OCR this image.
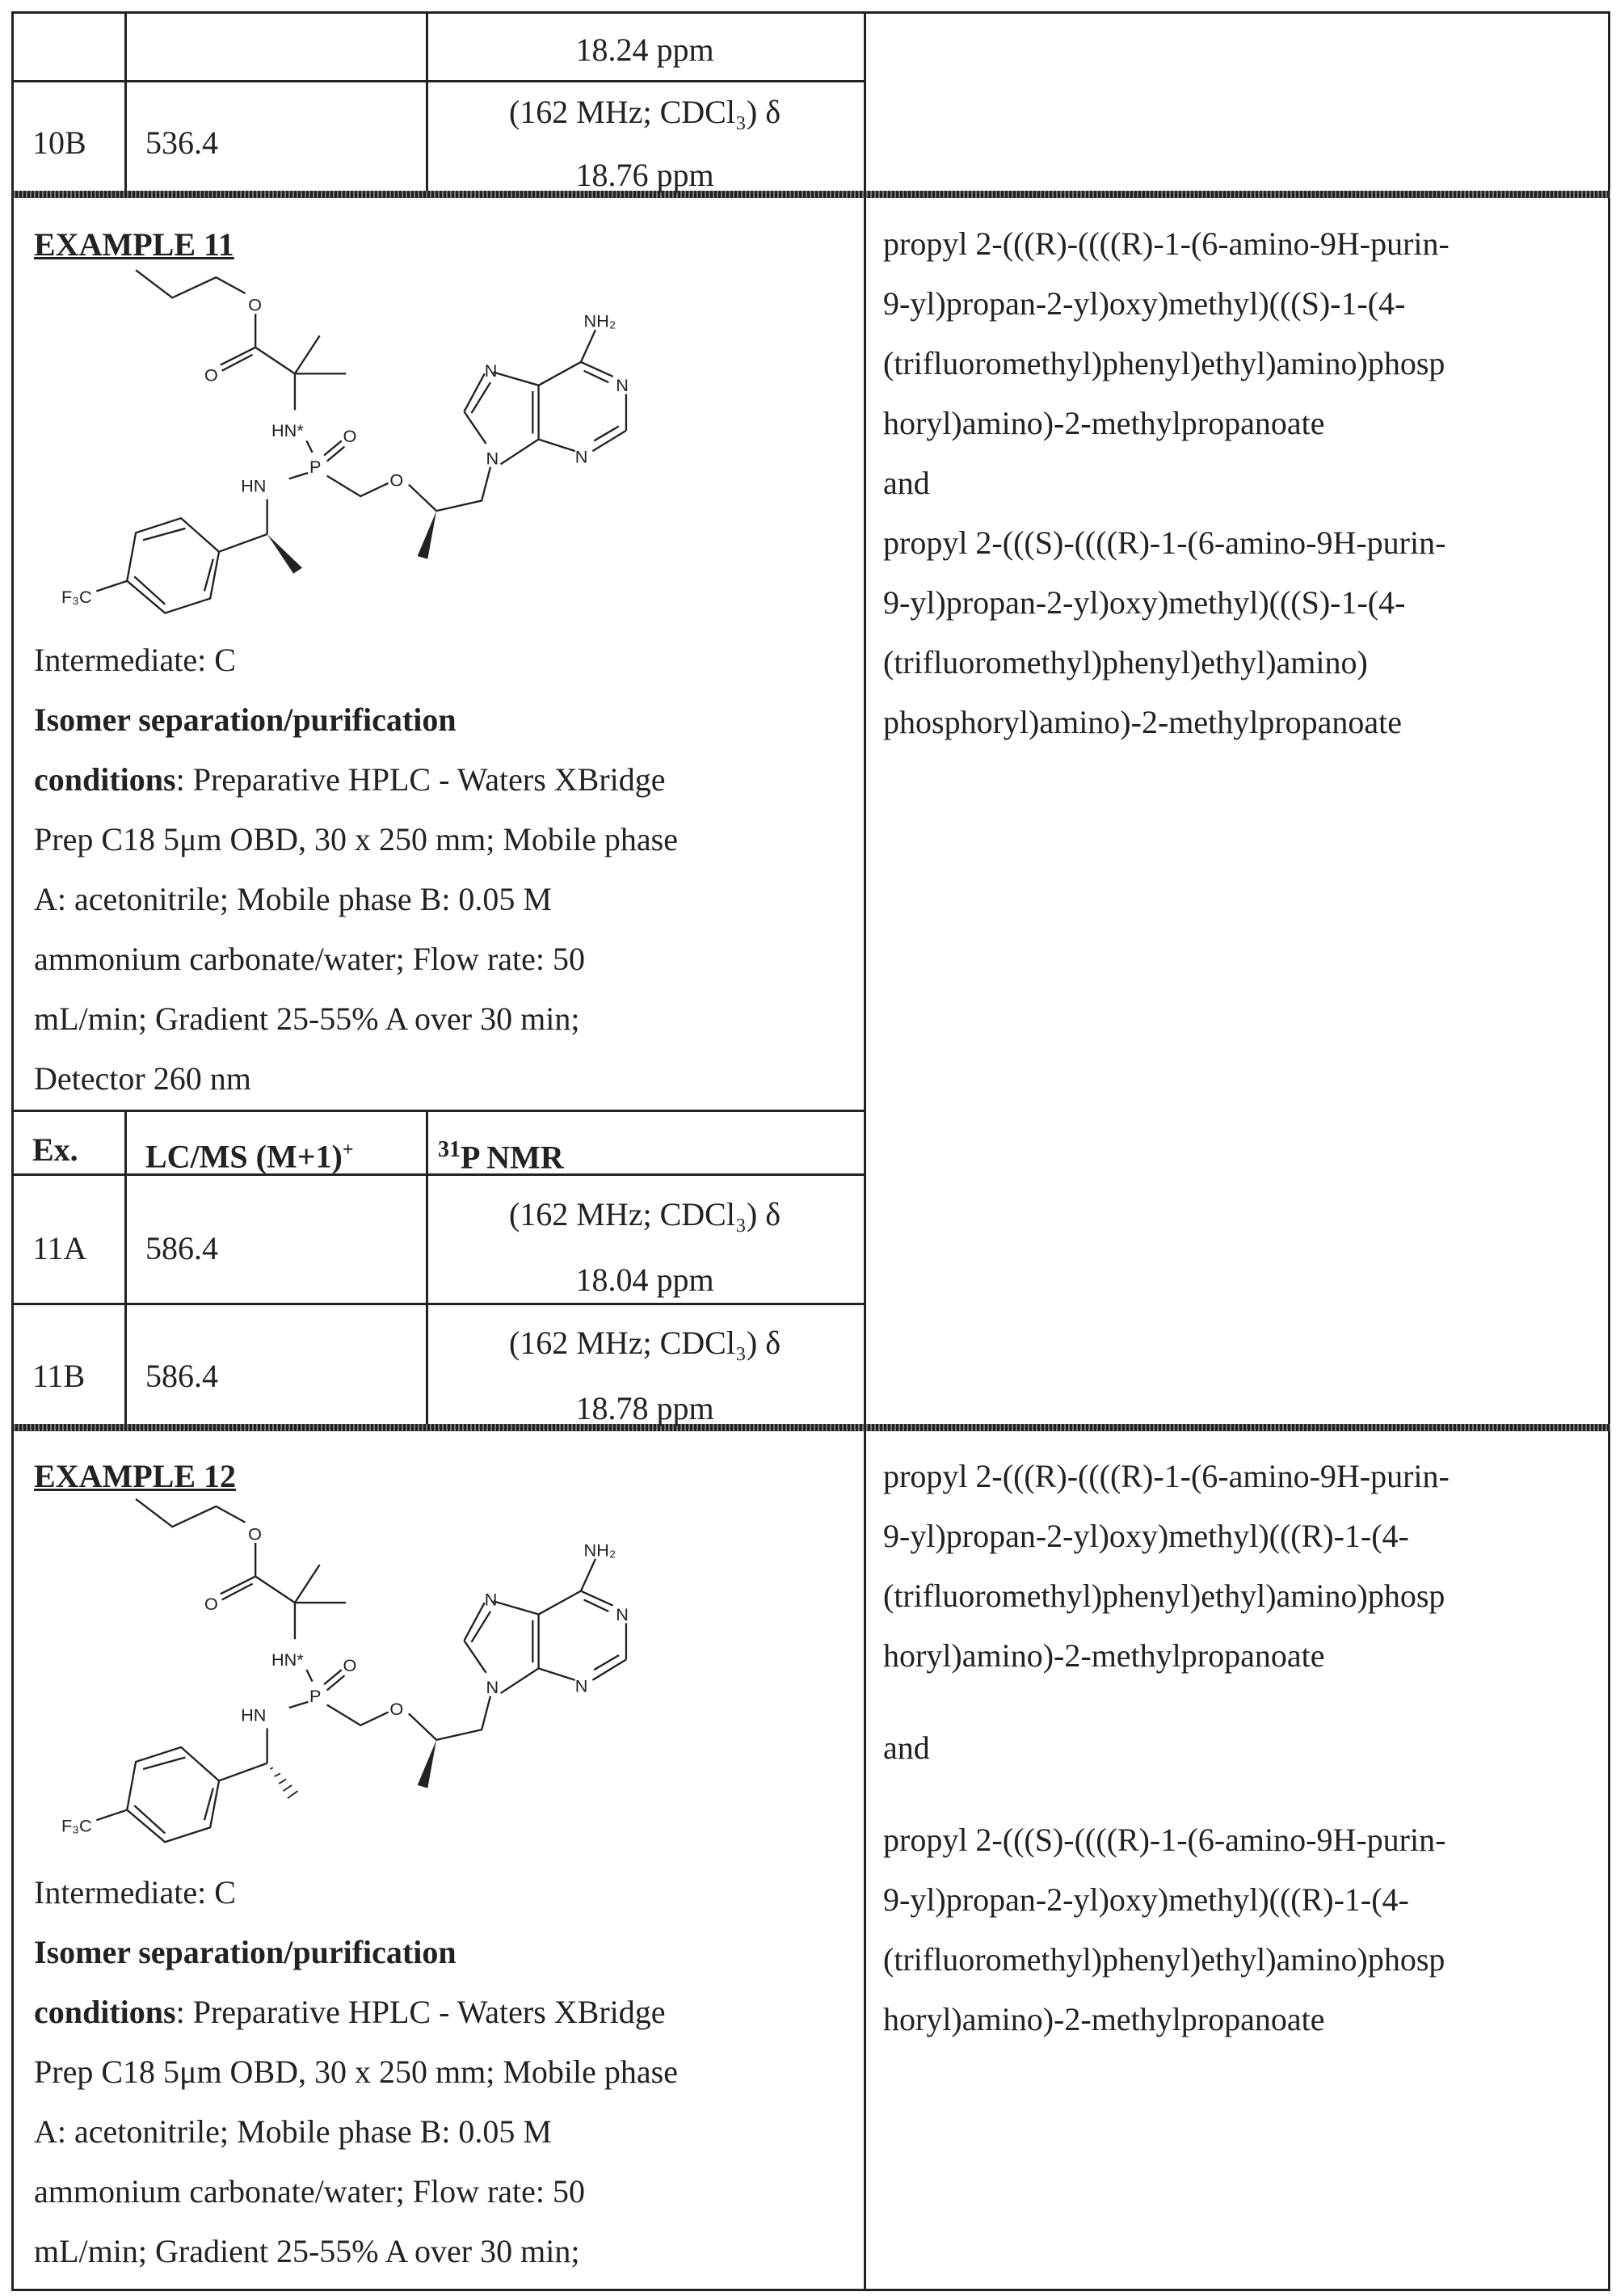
18.24 ppm
10B 536.4
(162 MHz; CDCl₃) δ
18.76 ppm
EXAMPLE 11
Intermediate: C
Isomer separation/purification
conditions: Preparative HPLC - Waters XBridge
Prep C18 5μm OBD, 30 x 250 mm; Mobile phase
A: acetonitrile; Mobile phase B: 0.05 M
ammonium carbonate/water; Flow rate: 50
mL/min; Gradient 25‑55% A over 30 min;
Detector 260 nm
Ex. LC/MS (M+1)+	31P NMR
11A 586.4
(162 MHz; CDCl₃) δ
18.04 ppm
11B 586.4
(162 MHz; CDCl₃) δ
18.78 ppm
propyl 2-(((R)-((((R)-1-(6-amino-9H-purin-
9-yl)propan-2-yl)oxy)methyl)(((S)-1-(4-
(trifluoromethyl)phenyl)ethyl)amino)phosp
horyl)amino)-2-methylpropanoate
and
propyl 2-(((S)-((((R)-1-(6-amino-9H-purin-
9-yl)propan-2-yl)oxy)methyl)(((S)-1-(4-
(trifluoromethyl)phenyl)ethyl)amino)
phosphoryl)amino)-2-methylpropanoate
EXAMPLE 12
Intermediate: C
Isomer separation/purification
conditions: Preparative HPLC - Waters XBridge
Prep C18 5μm OBD, 30 x 250 mm; Mobile phase
A: acetonitrile; Mobile phase B: 0.05 M
ammonium carbonate/water; Flow rate: 50
mL/min; Gradient 25‑55% A over 30 min;
propyl 2-(((R)-((((R)-1-(6-amino-9H-purin-
9-yl)propan-2-yl)oxy)methyl)(((R)-1-(4-
(trifluoromethyl)phenyl)ethyl)amino)phosp
horyl)amino)-2-methylpropanoate
and
propyl 2-(((S)-((((R)-1-(6-amino-9H-purin-
9-yl)propan-2-yl)oxy)methyl)(((R)-1-(4-
(trifluoromethyl)phenyl)ethyl)amino)phosp
horyl)amino)-2-methylpropanoate
O
O
HN*	O
P
HN	O
N
N
N
N
NH₂
F₃C
O
O
HN*	O
P
HN	O
N
N
N
N
NH₂
F₃C
